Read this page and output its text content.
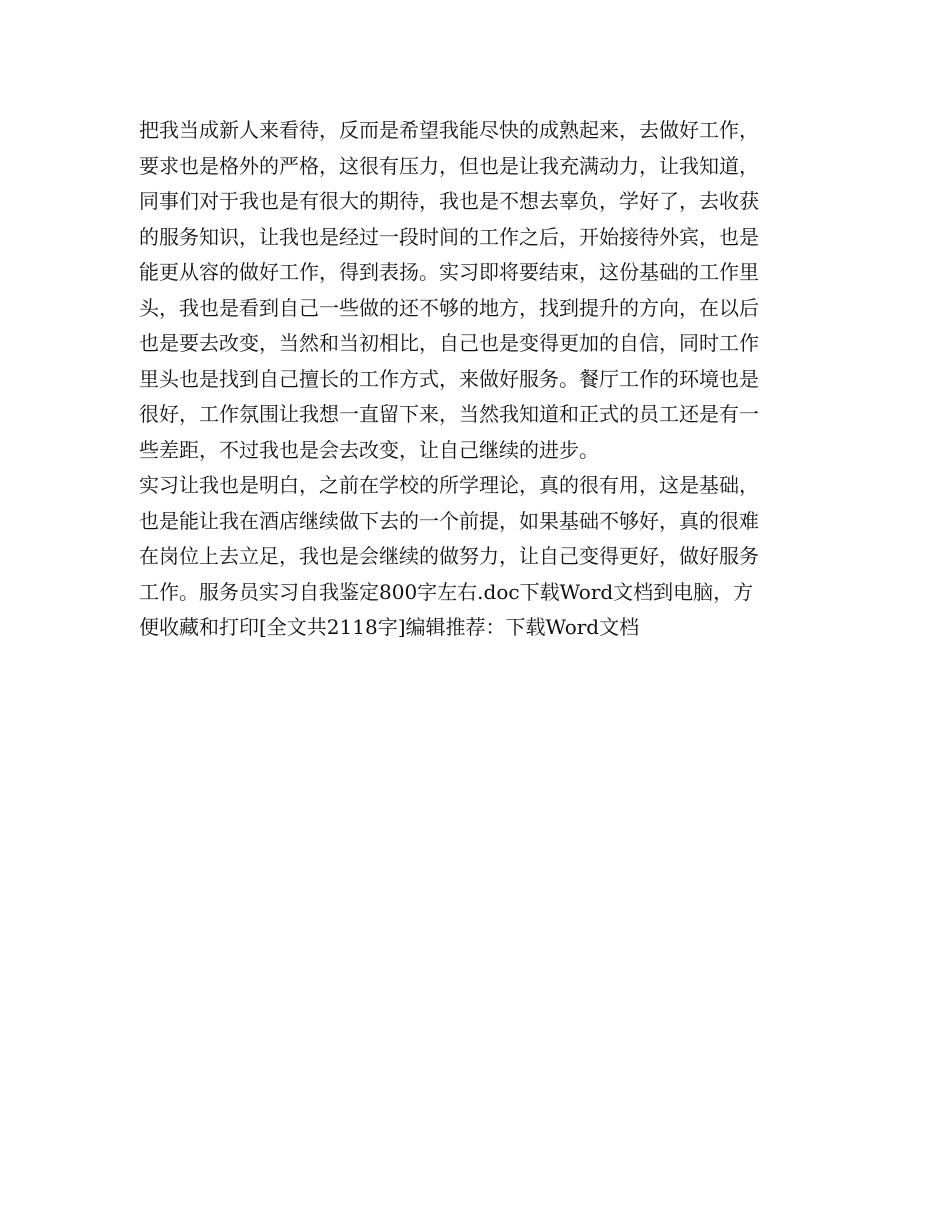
把我当成新人来看待，反而是希望我能尽快的成熟起来，去做好工作，
要求也是格外的严格，这很有压力，但也是让我充满动力，让我知道，
同事们对于我也是有很大的期待，我也是不想去辜负，学好了，去收获
的服务知识，让我也是经过一段时间的工作之后，开始接待外宾，也是
能更从容的做好工作，得到表扬。实习即将要结束，这份基础的工作里
头，我也是看到自己一些做的还不够的地方，找到提升的方向，在以后
也是要去改变，当然和当初相比，自己也是变得更加的自信，同时工作
里头也是找到自己擅长的工作方式，来做好服务。餐厅工作的环境也是
很好，工作氛围让我想一直留下来，当然我知道和正式的员工还是有一
些差距，不过我也是会去改变，让自己继续的进步。
实习让我也是明白，之前在学校的所学理论，真的很有用，这是基础，
也是能让我在酒店继续做下去的一个前提，如果基础不够好，真的很难
在岗位上去立足，我也是会继续的做努力，让自己变得更好，做好服务
工作。服务员实习自我鉴定800字左右.doc下载Word文档到电脑，方
便收藏和打印[全文共2118字]编辑推荐：下载Word文档
